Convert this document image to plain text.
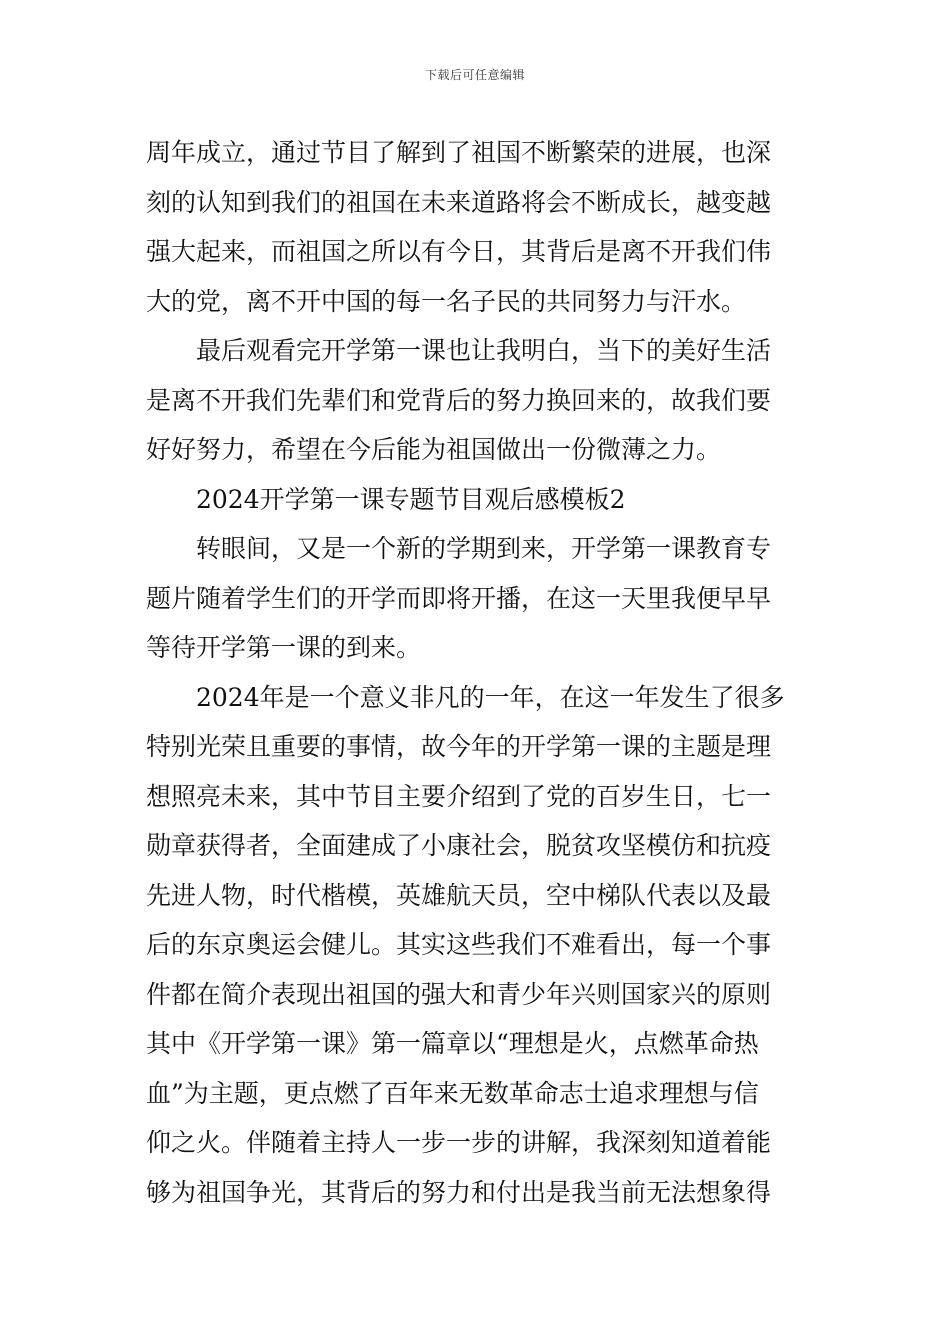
下载后可任意编辑
周年成立，通过节目了解到了祖国不断繁荣的进展，也深
刻的认知到我们的祖国在未来道路将会不断成长，越变越
强大起来，而祖国之所以有今日，其背后是离不开我们伟
大的党，离不开中国的每一名子民的共同努力与汗水。
最后观看完开学第一课也让我明白，当下的美好生活
是离不开我们先辈们和党背后的努力换回来的，故我们要
好好努力，希望在今后能为祖国做出一份微薄之力。
2024开学第一课专题节目观后感模板2
转眼间，又是一个新的学期到来，开学第一课教育专
题片随着学生们的开学而即将开播，在这一天里我便早早
等待开学第一课的到来。
2024年是一个意义非凡的一年，在这一年发生了很多
特别光荣且重要的事情，故今年的开学第一课的主题是理
想照亮未来，其中节目主要介绍到了党的百岁生日，七一
勋章获得者，全面建成了小康社会，脱贫攻坚模仿和抗疫
先进人物，时代楷模，英雄航天员，空中梯队代表以及最
后的东京奥运会健儿。其实这些我们不难看出，每一个事
件都在简介表现出祖国的强大和青少年兴则国家兴的原则
其中《开学第一课》第一篇章以“理想是火，点燃革命热
血”为主题，更点燃了百年来无数革命志士追求理想与信
仰之火。伴随着主持人一步一步的讲解，我深刻知道着能
够为祖国争光，其背后的努力和付出是我当前无法想象得
